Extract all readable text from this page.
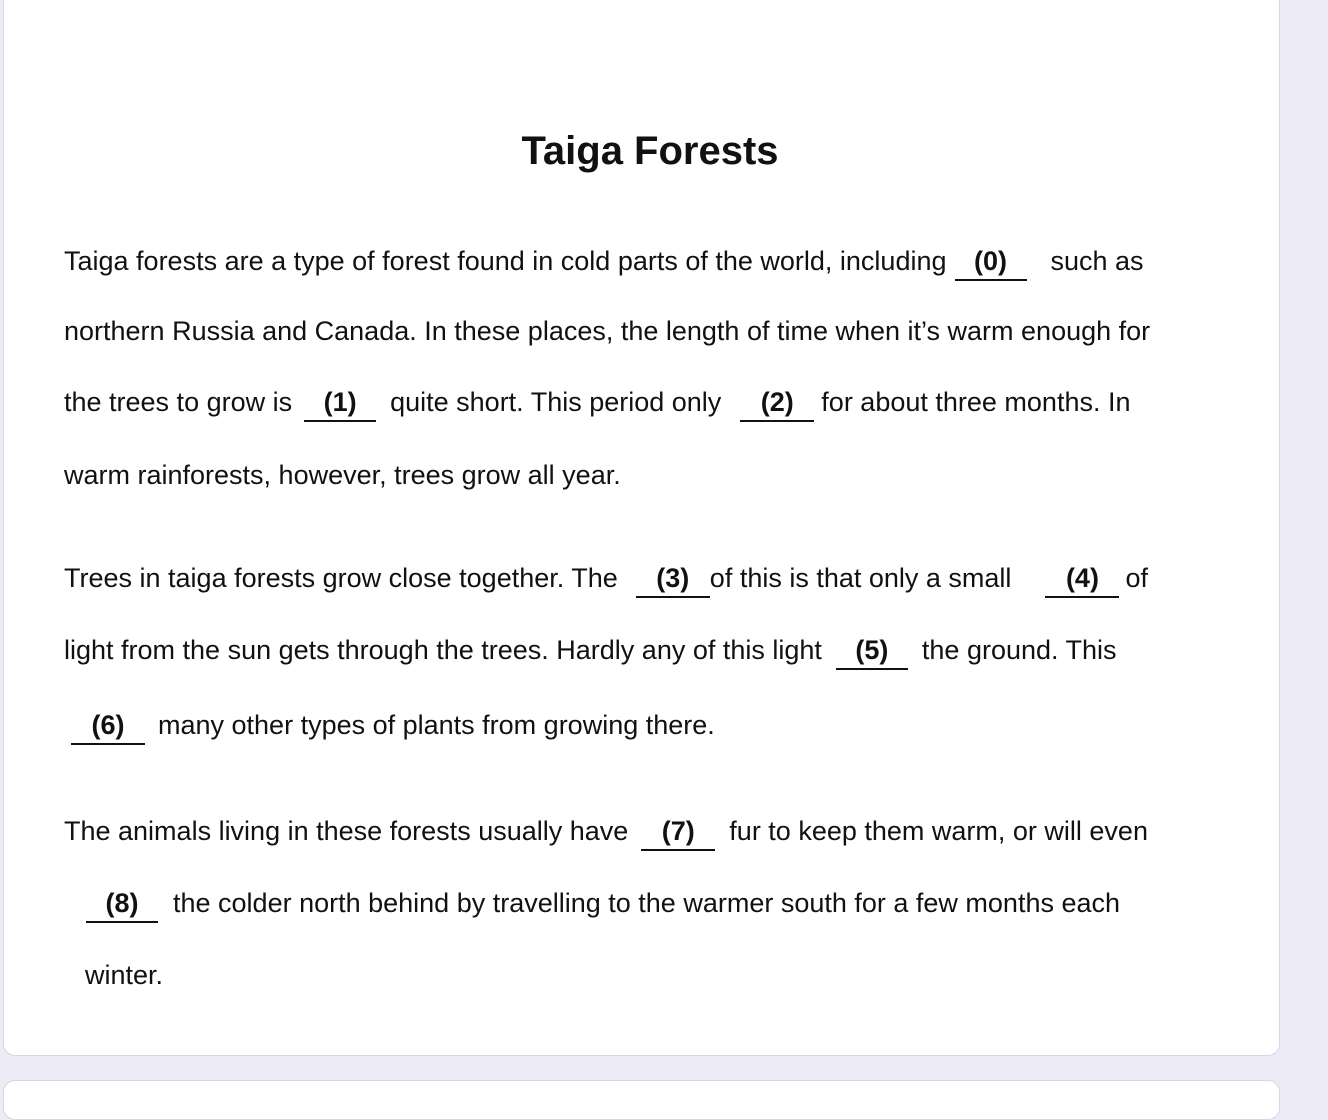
Taiga Forests

Taiga forests are a type of forest found in cold parts of the world, including (0) such as

northern Russia and Canada. In these places, the length of time when it’s warm enough for

the trees to grow is (1) quite short. This period only (2) for about three months. In

warm rainforests, however, trees grow all year.

Trees in taiga forests grow close together. The (3) of this is that only a small (4) of

light from the sun gets through the trees. Hardly any of this light (5) the ground. This

(6) many other types of plants from growing there.

The animals living in these forests usually have (7) fur to keep them warm, or will even

(8) the colder north behind by travelling to the warmer south for a few months each

winter.
